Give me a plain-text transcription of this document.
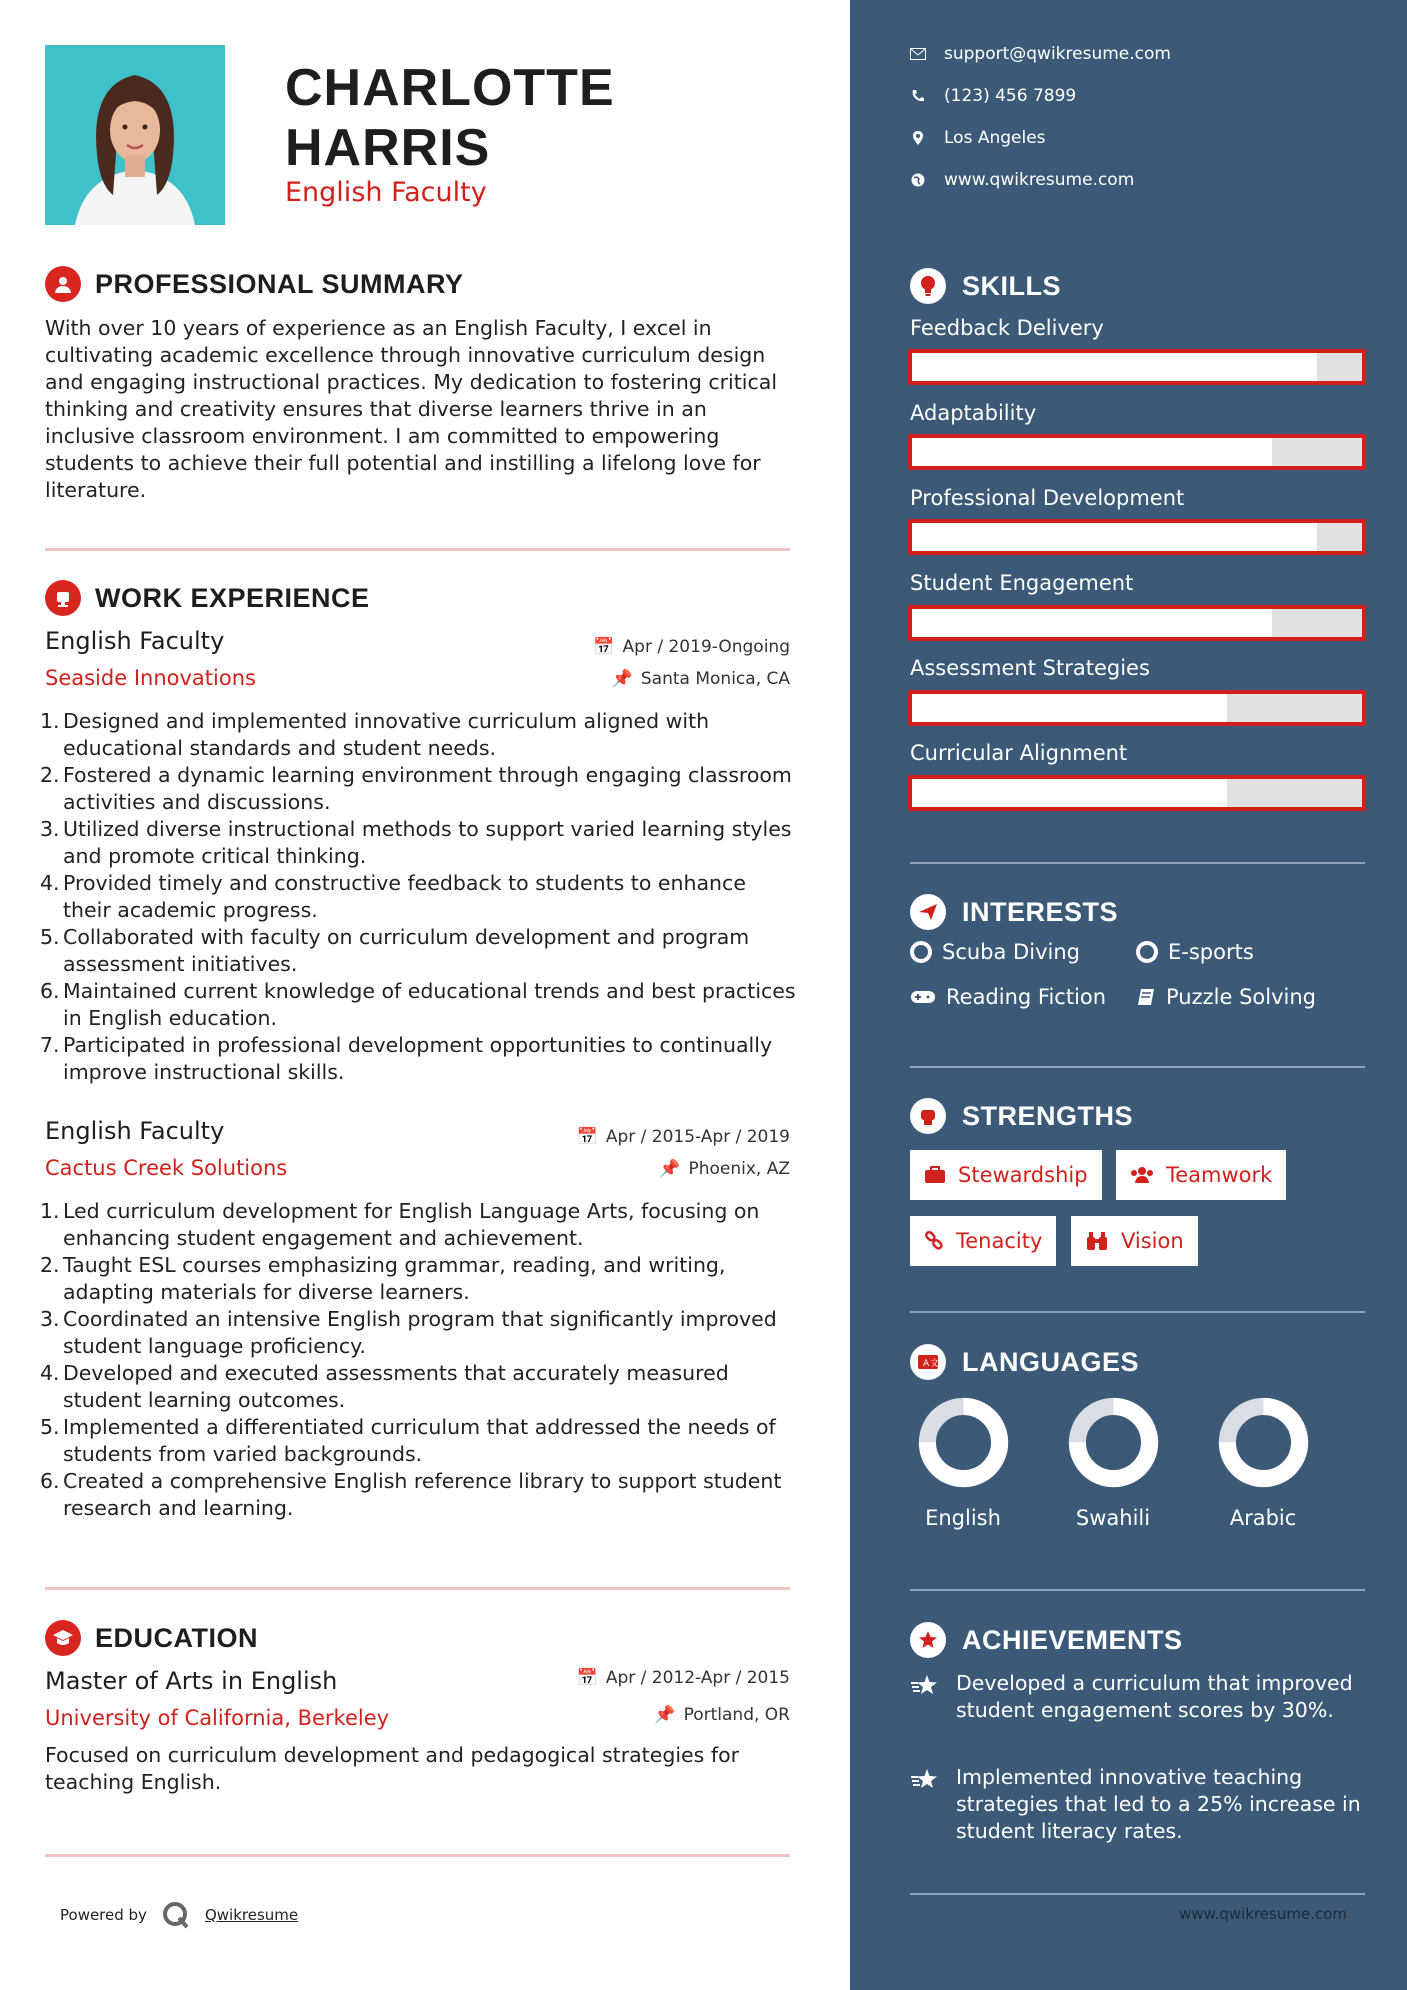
CHARLOTTE
HARRIS
English Faculty
PROFESSIONAL SUMMARY
With over 10 years of experience as an English Faculty, I excel in cultivating academic excellence through innovative curriculum design and engaging instructional practices. My dedication to fostering critical thinking and creativity ensures that diverse learners thrive in an inclusive classroom environment. I am committed to empowering students to achieve their full potential and instilling a lifelong love for literature.
WORK EXPERIENCE
English Faculty
Seaside Innovations
📅 Apr / 2019-Ongoing
📌 Santa Monica, CA
1. Designed and implemented innovative curriculum aligned with educational standards and student needs.
2. Fostered a dynamic learning environment through engaging classroom activities and discussions.
3. Utilized diverse instructional methods to support varied learning styles and promote critical thinking.
4. Provided timely and constructive feedback to students to enhance their academic progress.
5. Collaborated with faculty on curriculum development and program assessment initiatives.
6. Maintained current knowledge of educational trends and best practices in English education.
7. Participated in professional development opportunities to continually improve instructional skills.
English Faculty
Cactus Creek Solutions
📅 Apr / 2015-Apr / 2019
📌 Phoenix, AZ
1. Led curriculum development for English Language Arts, focusing on enhancing student engagement and achievement.
2. Taught ESL courses emphasizing grammar, reading, and writing, adapting materials for diverse learners.
3. Coordinated an intensive English program that significantly improved student language proficiency.
4. Developed and executed assessments that accurately measured student learning outcomes.
5. Implemented a differentiated curriculum that addressed the needs of students from varied backgrounds.
6. Created a comprehensive English reference library to support student research and learning.
EDUCATION
Master of Arts in English
University of California, Berkeley
📅 Apr / 2012-Apr / 2015
📌 Portland, OR
Focused on curriculum development and pedagogical strategies for teaching English.
Powered by	Qwikresume
support@qwikresume.com
(123) 456 7899
Los Angeles
www.qwikresume.com
SKILLS
Feedback Delivery
Adaptability
Professional Development
Student Engagement
Assessment Strategies
Curricular Alignment
INTERESTS
Scuba Diving	E-sports
Reading Fiction	Puzzle Solving
STRENGTHS
Stewardship	Teamwork
Tenacity	Vision
A 文 LANGUAGES
English	Swahili	Arabic
ACHIEVEMENTS
Developed a curriculum that improved student engagement scores by 30%.
Implemented innovative teaching strategies that led to a 25% increase in student literacy rates.
www.qwikresume.com
